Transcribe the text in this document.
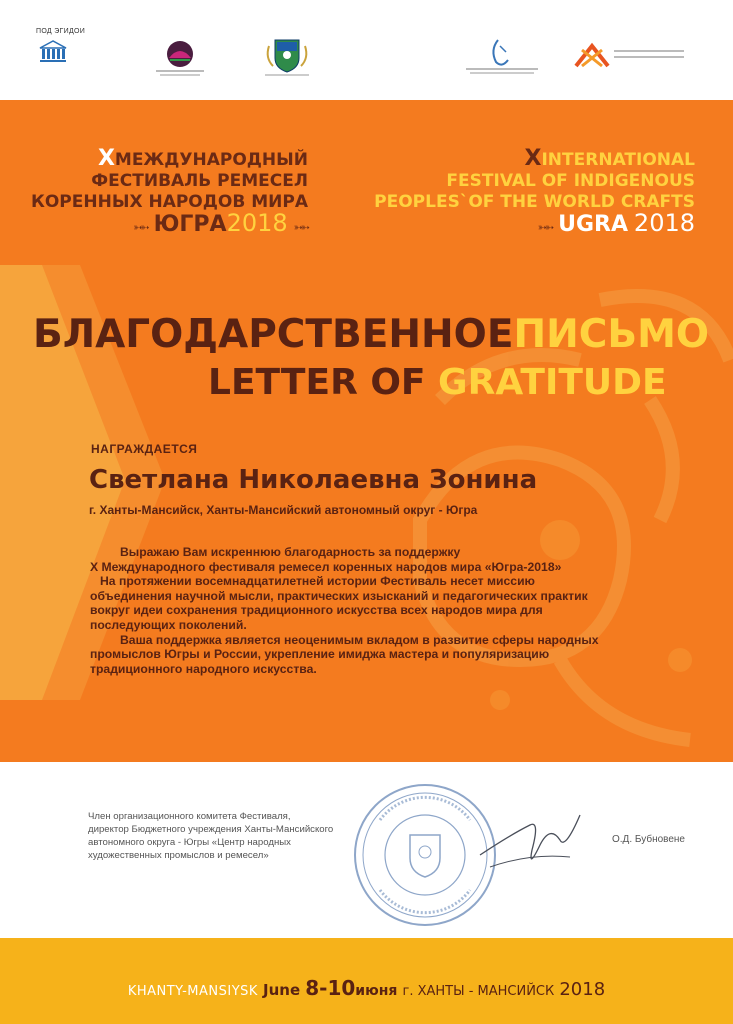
ПОД ЭГИДОИ
XМЕЖДУНАРОДНЫЙ
ФЕСТИВАЛЬ РЕМЕСЕЛ
КОРЕННЫХ НАРОДОВ МИРА
➳➳ ЮГРА2018 ➳➳
XINTERNATIONAL
FESTIVAL OF INDIGENOUS
PEOPLES`OF THE WORLD CRAFTS
➳➳ UGRA 2018
БЛАГОДАРСТВЕННОЕПИСЬМО
LETTER OF GRATITUDE
НАГРАЖДАЕТСЯ
Светлана Николаевна Зонина
г. Ханты-Мансийск, Ханты-Мансийский автономный округ - Югра

Выражаю Вам искреннюю благодарность за поддержку

X Международного фестиваля ремесел коренных народов мира «Югра-2018»

На протяжении восемнадцатилетней истории Фестиваль несет миссию

объединения научной мысли, практических изысканий и педагогических практик

вокруг идеи сохранения традиционного искусства всех народов мира для

последующих поколений.

Ваша поддержка является неоценимым вкладом в развитие сферы народных

промыслов Югры и России, укрепление имиджа мастера и популяризацию

традиционного народного искусства.

Член организационного комитета Фестиваля,
директор Бюджетного учреждения Ханты-Мансийского
автономного округа - Югры «Центр народных
художественных промыслов и ремесел»
О.Д. Бубновене
KHANTY-MANSIYSK June 8-10июня г. ХАНТЫ - МАНСИЙСК 2018
